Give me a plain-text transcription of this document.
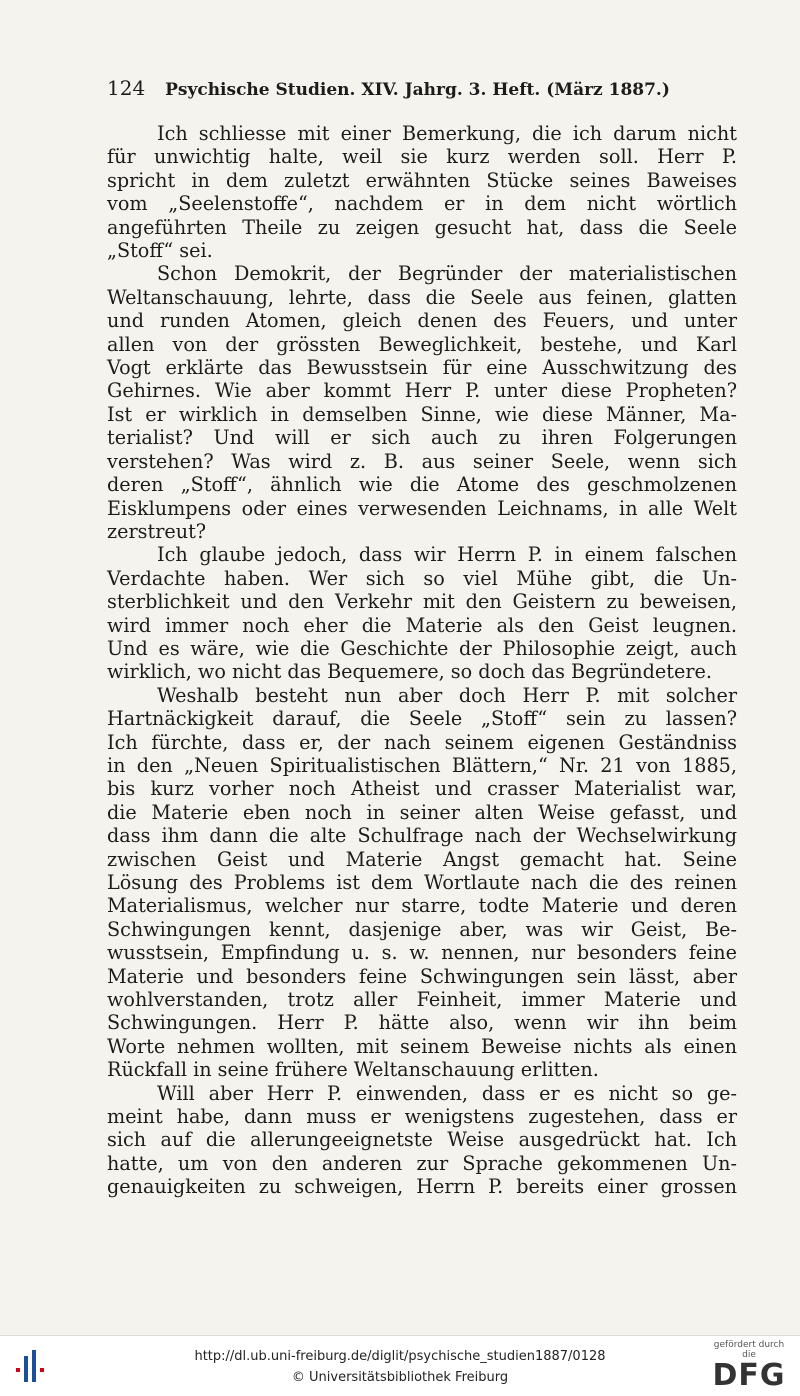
124 Psychische Studien. XIV. Jahrg. 3. Heft. (März 1887.)

Ich schliesse mit einer Bemerkung, die ich darum nicht

für unwichtig halte, weil sie kurz werden soll. Herr P.

spricht in dem zuletzt erwähnten Stücke seines Baweises

vom „Seelenstoffe“, nachdem er in dem nicht wörtlich

angeführten Theile zu zeigen gesucht hat, dass die Seele

„Stoff“ sei.

Schon Demokrit, der Begründer der materialistischen

Weltanschauung, lehrte, dass die Seele aus feinen, glatten

und runden Atomen, gleich denen des Feuers, und unter

allen von der grössten Beweglichkeit, bestehe, und Karl

Vogt erklärte das Bewusstsein für eine Ausschwitzung des

Gehirnes. Wie aber kommt Herr P. unter diese Propheten?

Ist er wirklich in demselben Sinne, wie diese Männer, Ma-

terialist? Und will er sich auch zu ihren Folgerungen

verstehen? Was wird z. B. aus seiner Seele, wenn sich

deren „Stoff“, ähnlich wie die Atome des geschmolzenen

Eisklumpens oder eines verwesenden Leichnams, in alle Welt

zerstreut?

Ich glaube jedoch, dass wir Herrn P. in einem falschen

Verdachte haben. Wer sich so viel Mühe gibt, die Un-

sterblichkeit und den Verkehr mit den Geistern zu beweisen,

wird immer noch eher die Materie als den Geist leugnen.

Und es wäre, wie die Geschichte der Philosophie zeigt, auch

wirklich, wo nicht das Bequemere, so doch das Begründetere.

Weshalb besteht nun aber doch Herr P. mit solcher

Hartnäckigkeit darauf, die Seele „Stoff“ sein zu lassen?

Ich fürchte, dass er, der nach seinem eigenen Geständniss

in den „Neuen Spiritualistischen Blättern,“ Nr. 21 von 1885,

bis kurz vorher noch Atheist und crasser Materialist war,

die Materie eben noch in seiner alten Weise gefasst, und

dass ihm dann die alte Schulfrage nach der Wechselwirkung

zwischen Geist und Materie Angst gemacht hat. Seine

Lösung des Problems ist dem Wortlaute nach die des reinen

Materialismus, welcher nur starre, todte Materie und deren

Schwingungen kennt, dasjenige aber, was wir Geist, Be-

wusstsein, Empfindung u. s. w. nennen, nur besonders feine

Materie und besonders feine Schwingungen sein lässt, aber

wohlverstanden, trotz aller Feinheit, immer Materie und

Schwingungen. Herr P. hätte also, wenn wir ihn beim

Worte nehmen wollten, mit seinem Beweise nichts als einen

Rückfall in seine frühere Weltanschauung erlitten.

Will aber Herr P. einwenden, dass er es nicht so ge-

meint habe, dann muss er wenigstens zugestehen, dass er

sich auf die allerungeeignetste Weise ausgedrückt hat. Ich

hatte, um von den anderen zur Sprache gekommenen Un-

genauigkeiten zu schweigen, Herrn P. bereits einer grossen

http://dl.ub.uni-freiburg.de/diglit/psychische_studien1887/0128
© Universitätsbibliothek Freiburg
gefördert durch die
DFG
